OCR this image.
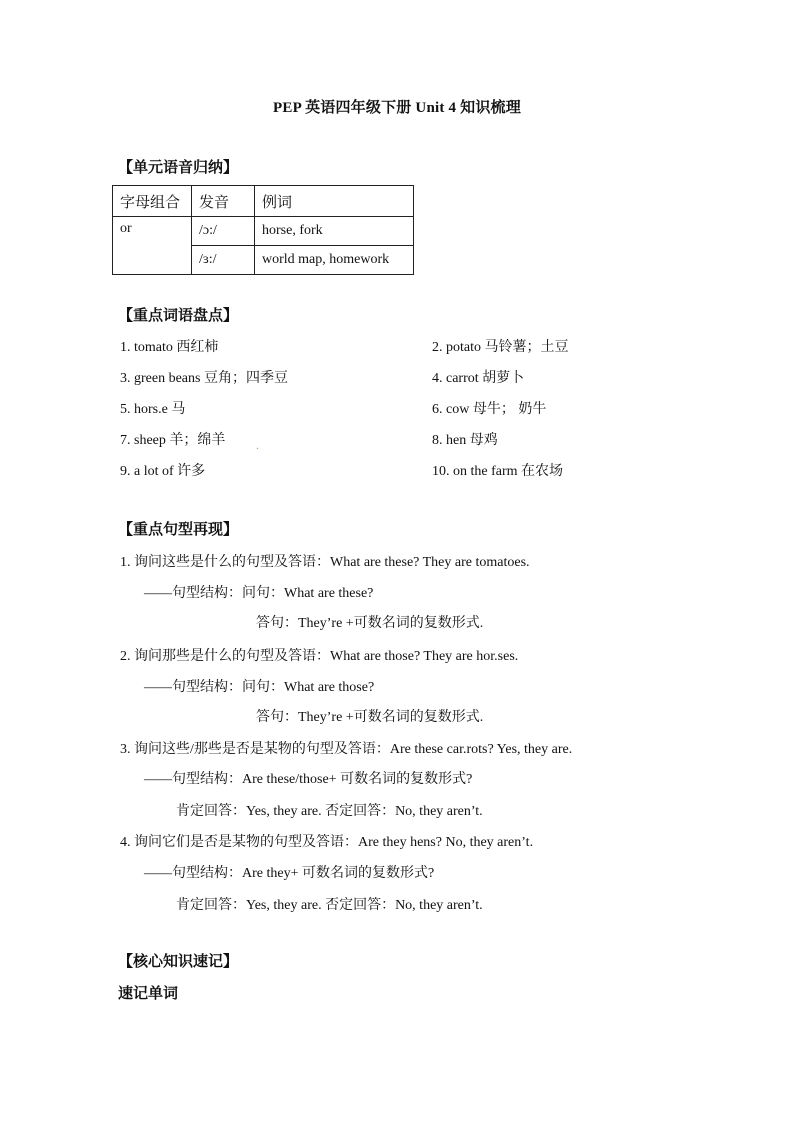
PEP 英语四年级下册 Unit 4 知识梳理
【单元语音归纳】
字母组合	发音	例词
or	/ɔ:/	horse, fork
	/ɜ:/	world map, homework
【重点词语盘点】
1. tomato 西红柿	2. potato 马铃薯；土豆
3. green beans 豆角；四季豆	4. carrot 胡萝卜
5. hors.e 马	6. cow 母牛； 奶牛
7. sheep 羊；绵羊	.	8. hen 母鸡
9. a lot of 许多	10. on the farm 在农场
【重点句型再现】
1. 询问这些是什么的句型及答语：What are these? They are tomatoes.
——句型结构：问句：What are these?
答句：They’re +可数名词的复数形式.
2. 询问那些是什么的句型及答语：What are those? They are hor.ses.
——句型结构：问句：What are those?
答句：They’re +可数名词的复数形式.
3. 询问这些/那些是否是某物的句型及答语：Are these car.rots? Yes, they are.
——句型结构：Are these/those+ 可数名词的复数形式?
肯定回答：Yes, they are. 否定回答：No, they aren’t.
4. 询问它们是否是某物的句型及答语：Are they hens? No, they aren’t.
——句型结构：Are they+ 可数名词的复数形式?
肯定回答：Yes, they are. 否定回答：No, they aren’t.
【核心知识速记】
速记单词
